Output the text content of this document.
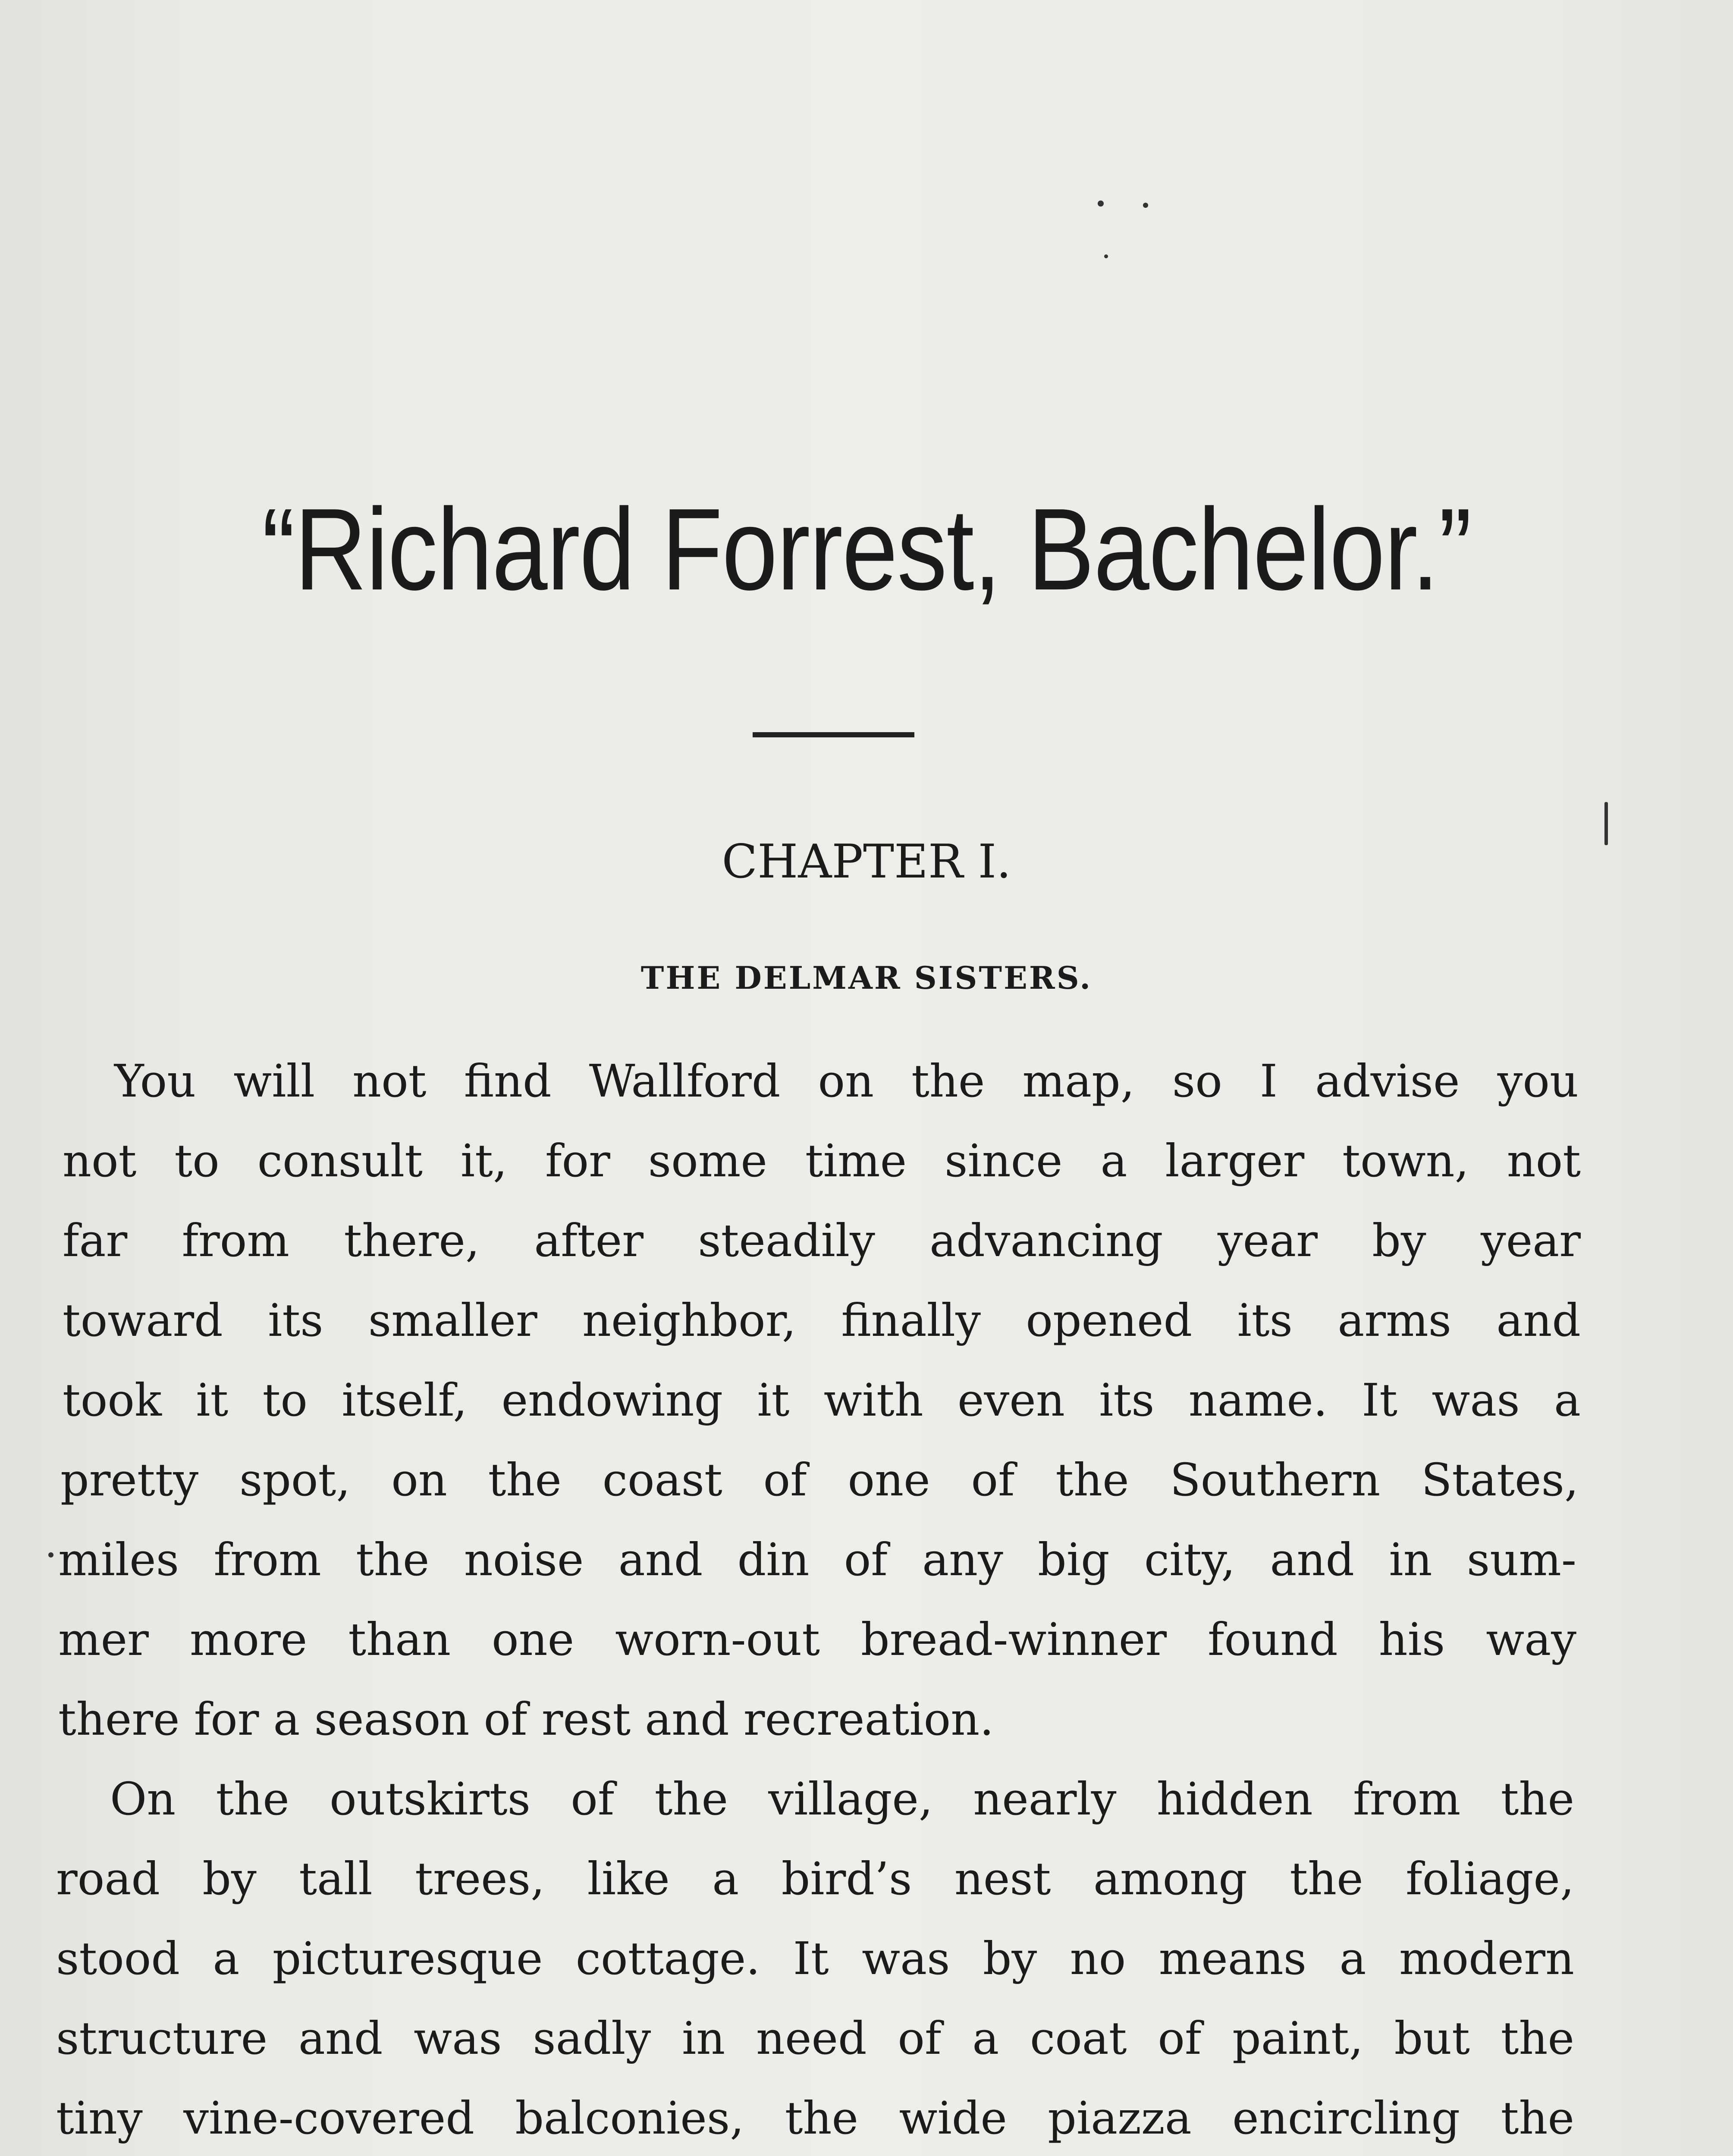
“Richard Forrest, Bachelor.”
CHAPTER I.
THE DELMAR SISTERS.
You will not find Wallford on the map, so I advise you
not to consult it, for some time since a larger town, not
far from there, after steadily advancing year by year
toward its smaller neighbor, finally opened its arms and
took it to itself, endowing it with even its name. It was a
pretty spot, on the coast of one of the Southern States,
miles from the noise and din of any big city, and in sum-
mer more than one worn-out bread-winner found his way
there for a season of rest and recreation.
On the outskirts of the village, nearly hidden from the
road by tall trees, like a bird’s nest among the foliage,
stood a picturesque cottage. It was by no means a modern
structure and was sadly in need of a coat of paint, but the
tiny vine-covered balconies, the wide piazza encircling the
